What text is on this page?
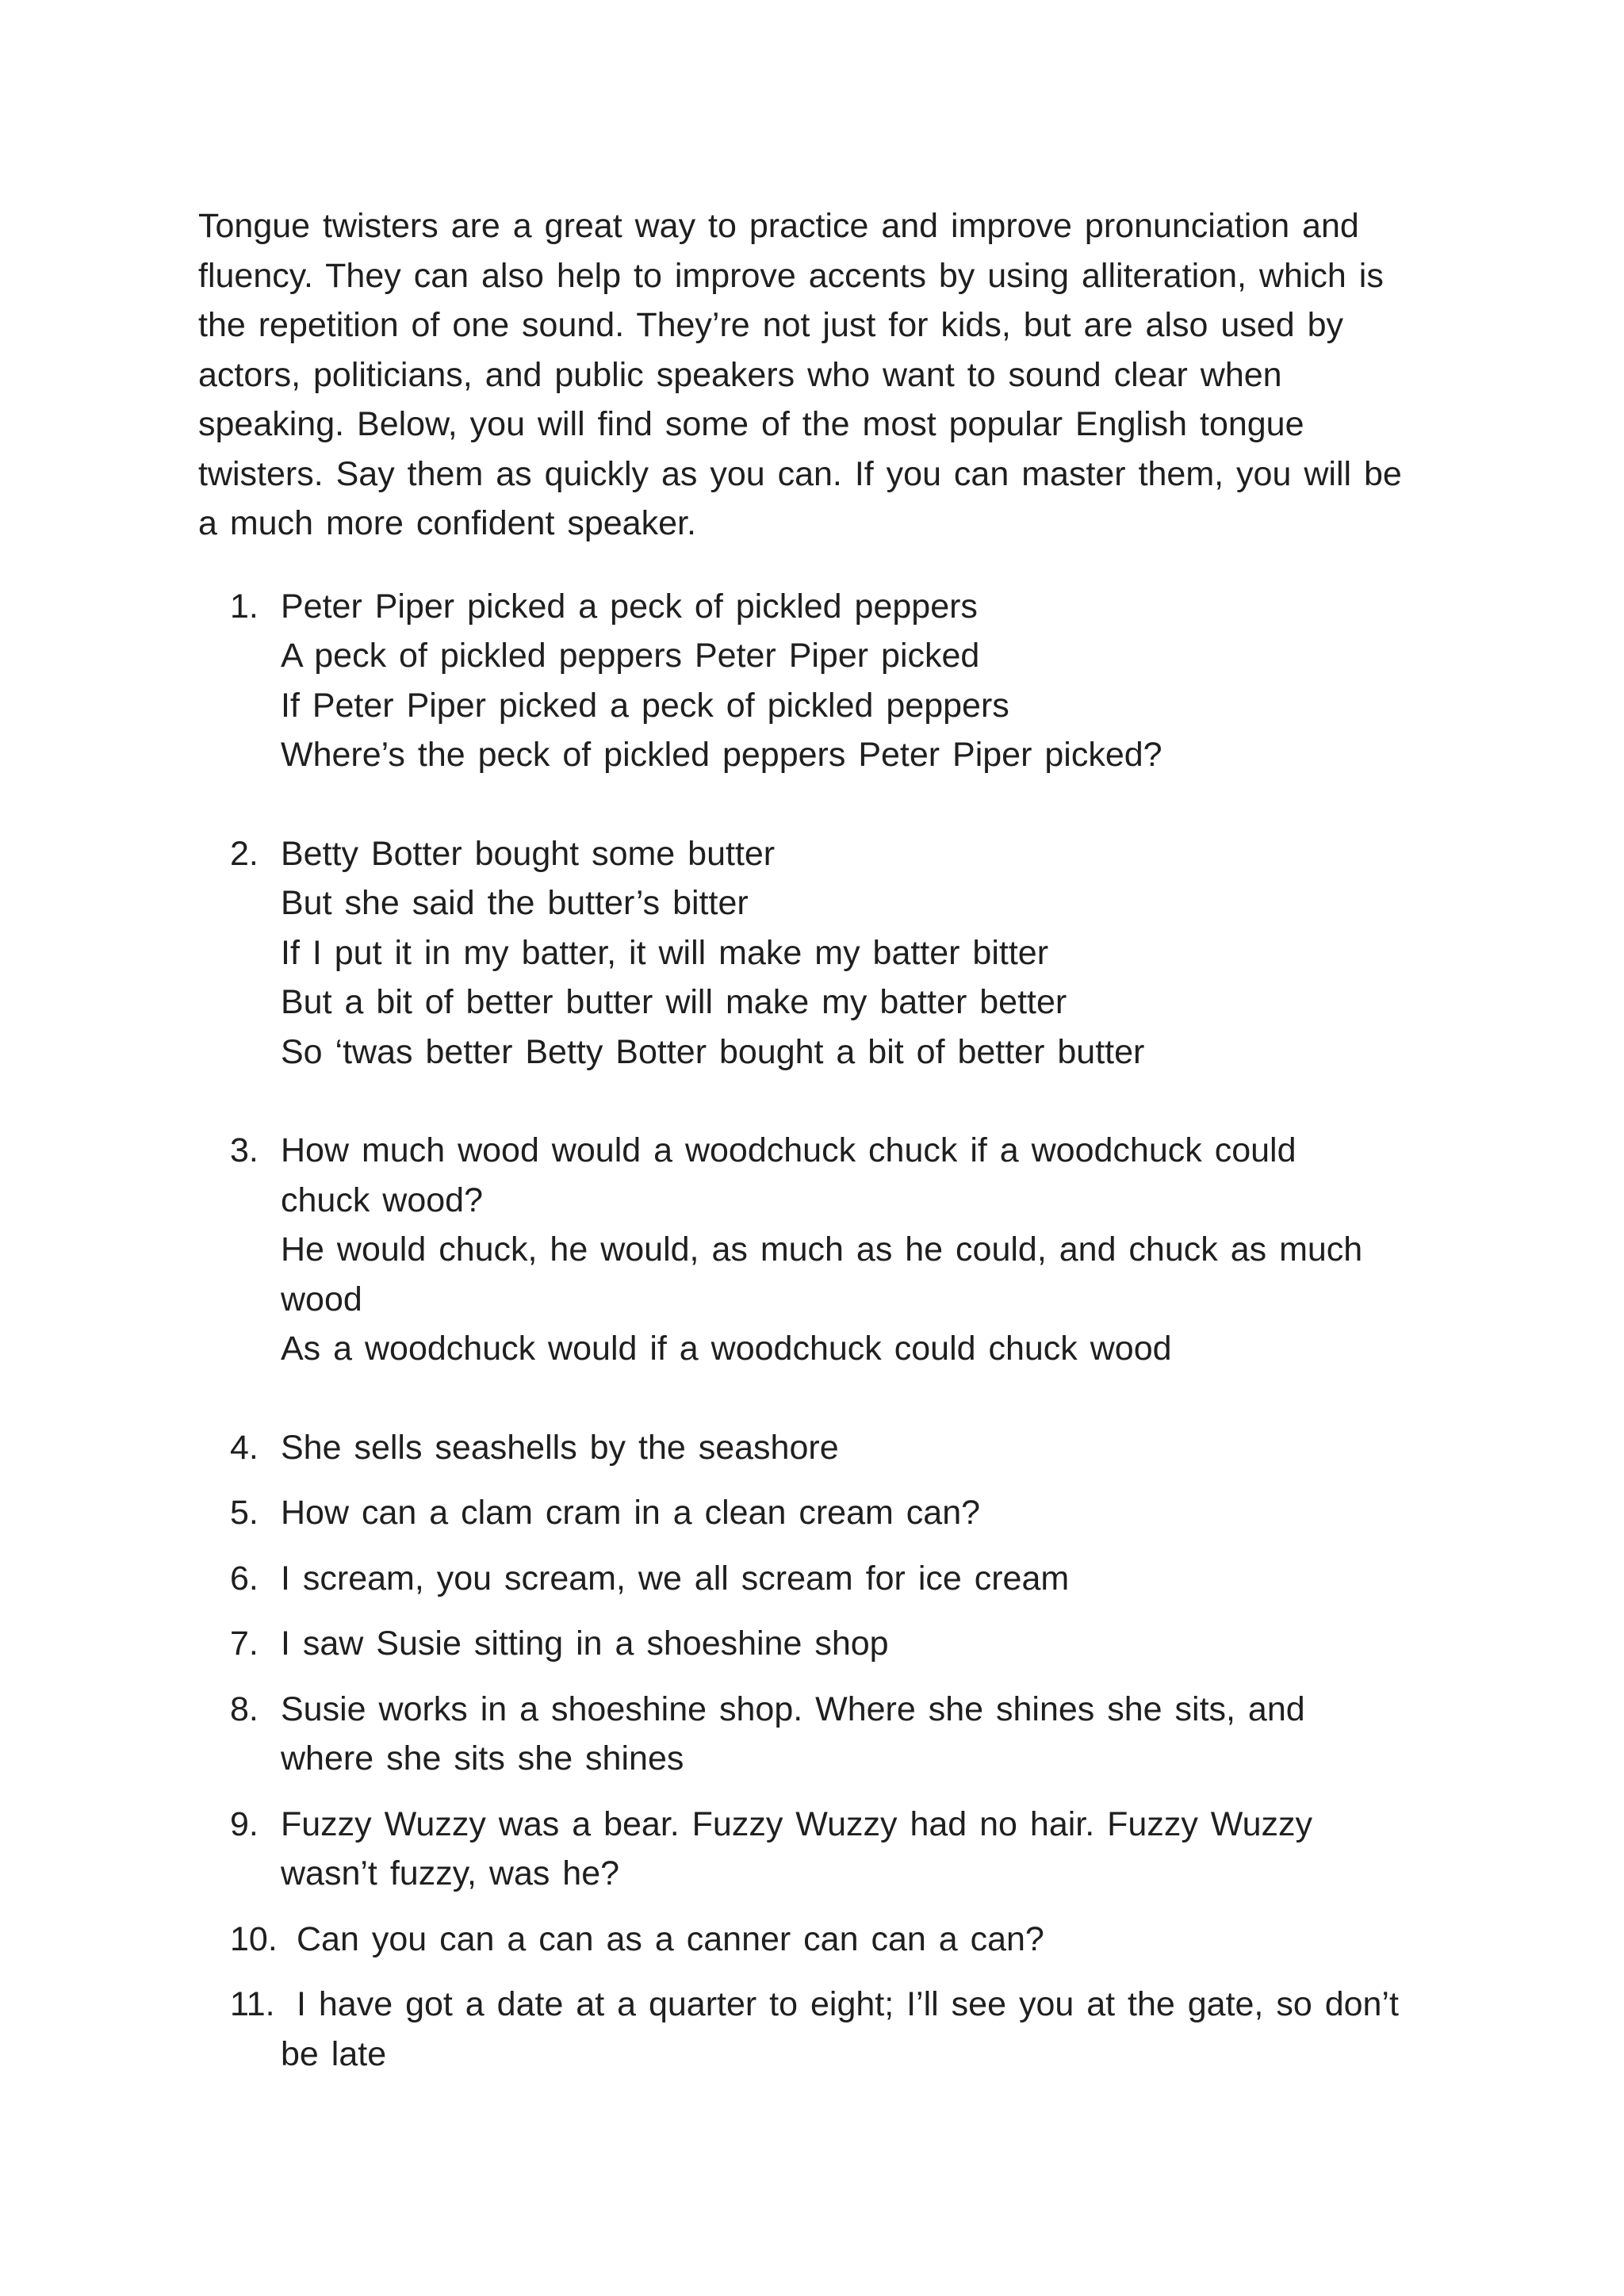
Tongue twisters are a great way to practice and improve pronunciation and
fluency. They can also help to improve accents by using alliteration, which is
the repetition of one sound. They’re not just for kids, but are also used by
actors, politicians, and public speakers who want to sound clear when
speaking. Below, you will find some of the most popular English tongue
twisters. Say them as quickly as you can. If you can master them, you will be
a much more confident speaker.

1. Peter Piper picked a peck of pickled peppers
A peck of pickled peppers Peter Piper picked
If Peter Piper picked a peck of pickled peppers
Where’s the peck of pickled peppers Peter Piper picked?
2. Betty Botter bought some butter
But she said the butter’s bitter
If I put it in my batter, it will make my batter bitter
But a bit of better butter will make my batter better
So ‘twas better Betty Botter bought a bit of better butter
3. How much wood would a woodchuck chuck if a woodchuck could
chuck wood?
He would chuck, he would, as much as he could, and chuck as much
wood
As a woodchuck would if a woodchuck could chuck wood
4. She sells seashells by the seashore
5. How can a clam cram in a clean cream can?
6. I scream, you scream, we all scream for ice cream
7. I saw Susie sitting in a shoeshine shop
8. Susie works in a shoeshine shop. Where she shines she sits, and
where she sits she shines
9. Fuzzy Wuzzy was a bear. Fuzzy Wuzzy had no hair. Fuzzy Wuzzy
wasn’t fuzzy, was he?
10. Can you can a can as a canner can can a can?
11. I have got a date at a quarter to eight; I’ll see you at the gate, so don’t
be late
